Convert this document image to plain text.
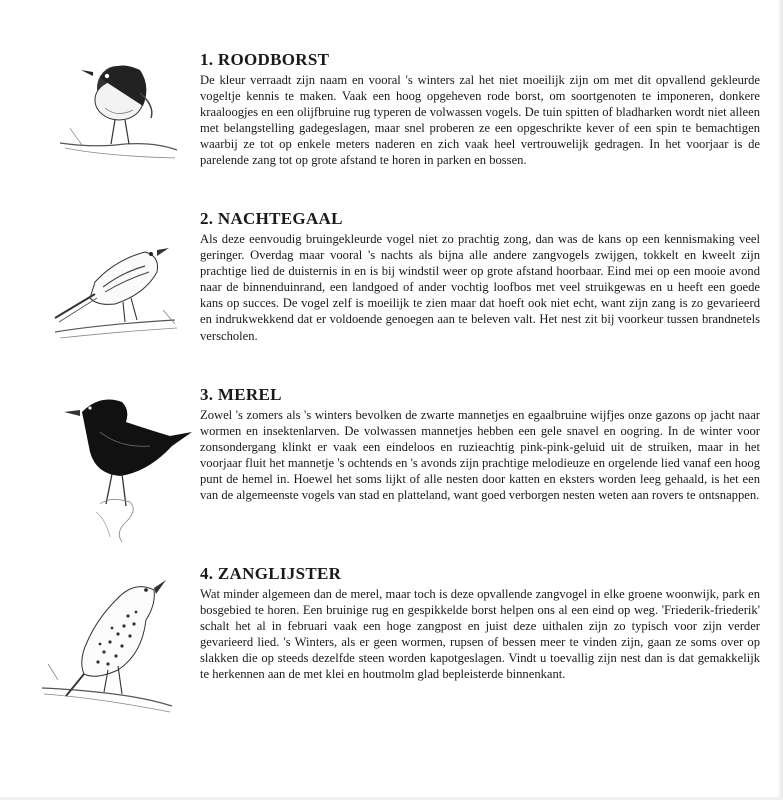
1. ROODBORST

De kleur verraadt zijn naam en vooral 's winters zal het niet moeilijk zijn om met dit opvallend gekleurde vogeltje kennis te maken. Vaak een hoog opgeheven rode borst, om soortgenoten te imponeren, donkere kraaloogjes en een olijfbruine rug typeren de volwassen vogels. De tuin spitten of bladharken wordt niet alleen met belangstelling gadegeslagen, maar snel proberen ze een opgeschrikte kever of een spin te bemachtigen waarbij ze tot op enkele meters naderen en zich vaak heel vertrouwelijk gedragen. In het voorjaar is de parelende zang tot op grote afstand te horen in parken en bossen.

2. NACHTEGAAL

Als deze eenvoudig bruingekleurde vogel niet zo prachtig zong, dan was de kans op een kennismaking veel geringer. Overdag maar vooral 's nachts als bijna alle andere zangvogels zwijgen, tokkelt en kweelt zijn prachtige lied de duisternis in en is bij windstil weer op grote afstand hoorbaar. Eind mei op een mooie avond naar de binnenduinrand, een landgoed of ander vochtig loofbos met veel struikgewas en u heeft een goede kans op succes. De vogel zelf is moeilijk te zien maar dat hoeft ook niet echt, want zijn zang is zo gevarieerd en indrukwekkend dat er voldoende genoegen aan te beleven valt. Het nest zit bij voorkeur tussen brandnetels verscholen.

3. MEREL

Zowel 's zomers als 's winters bevolken de zwarte mannetjes en egaalbruine wijfjes onze gazons op jacht naar wormen en insektenlarven. De volwassen mannetjes hebben een gele snavel en oogring. In de winter voor zonsondergang klinkt er vaak een eindeloos en ruzieachtig pink-pink-geluid uit de struiken, maar in het voorjaar fluit het mannetje 's ochtends en 's avonds zijn prachtige melodieuze en orgelende lied vanaf een hoog punt de hemel in. Hoewel het soms lijkt of alle nesten door katten en eksters worden leeg gehaald, is het een van de algemeenste vogels van stad en platteland, want goed verborgen nesten weten aan rovers te ontsnappen.

4. ZANGLIJSTER

Wat minder algemeen dan de merel, maar toch is deze opvallende zangvogel in elke groene woonwijk, park en bosgebied te horen. Een bruinige rug en gespikkelde borst helpen ons al een eind op weg. 'Friederik-friederik' schalt het al in februari vaak een hoge zangpost en juist deze uithalen zijn zo typisch voor zijn verder gevarieerd lied. 's Winters, als er geen wormen, rupsen of bessen meer te vinden zijn, gaan ze soms over op slakken die op steeds dezelfde steen worden kapotgeslagen. Vindt u toevallig zijn nest dan is dat gemakkelijk te herkennen aan de met klei en houtmolm glad bepleisterde binnenkant.
